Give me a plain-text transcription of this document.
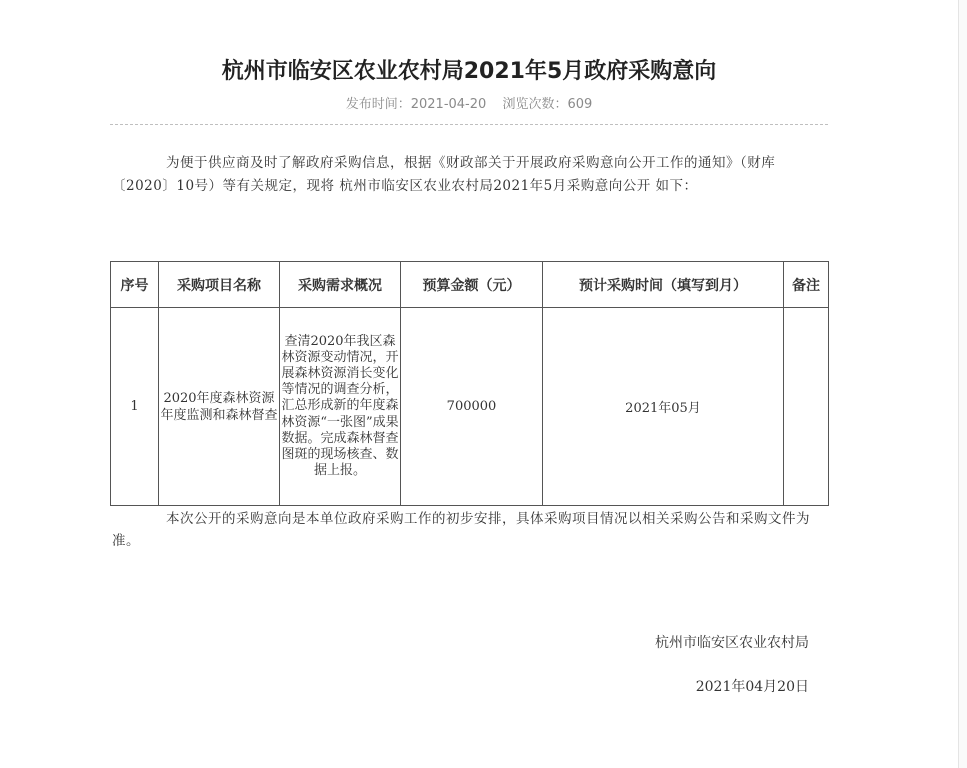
杭州市临安区农业农村局2021年5月政府采购意向
发布时间：2021-04-20 浏览次数：609

为便于供应商及时了解政府采购信息，根据《财政部关于开展政府采购意向公开工作的通知》（财库〔2020〕10号）等有关规定，现将 杭州市临安区农业农村局2021年5月采购意向公开 如下：

序号	采购项目名称	采购需求概况	预算金额（元）	预计采购时间（填写到月）	备注
1	2020年度森林资源年度监测和森林督查	查清2020年我区森林资源变动情况，开展森林资源消长变化等情况的调查分析，汇总形成新的年度森林资源“一张图”成果数据。完成森林督查图斑的现场核查、数据上报。	700000	2021年05月	

本次公开的采购意向是本单位政府采购工作的初步安排，具体采购项目情况以相关采购公告和采购文件为准。

杭州市临安区农业农村局
2021年04月20日
